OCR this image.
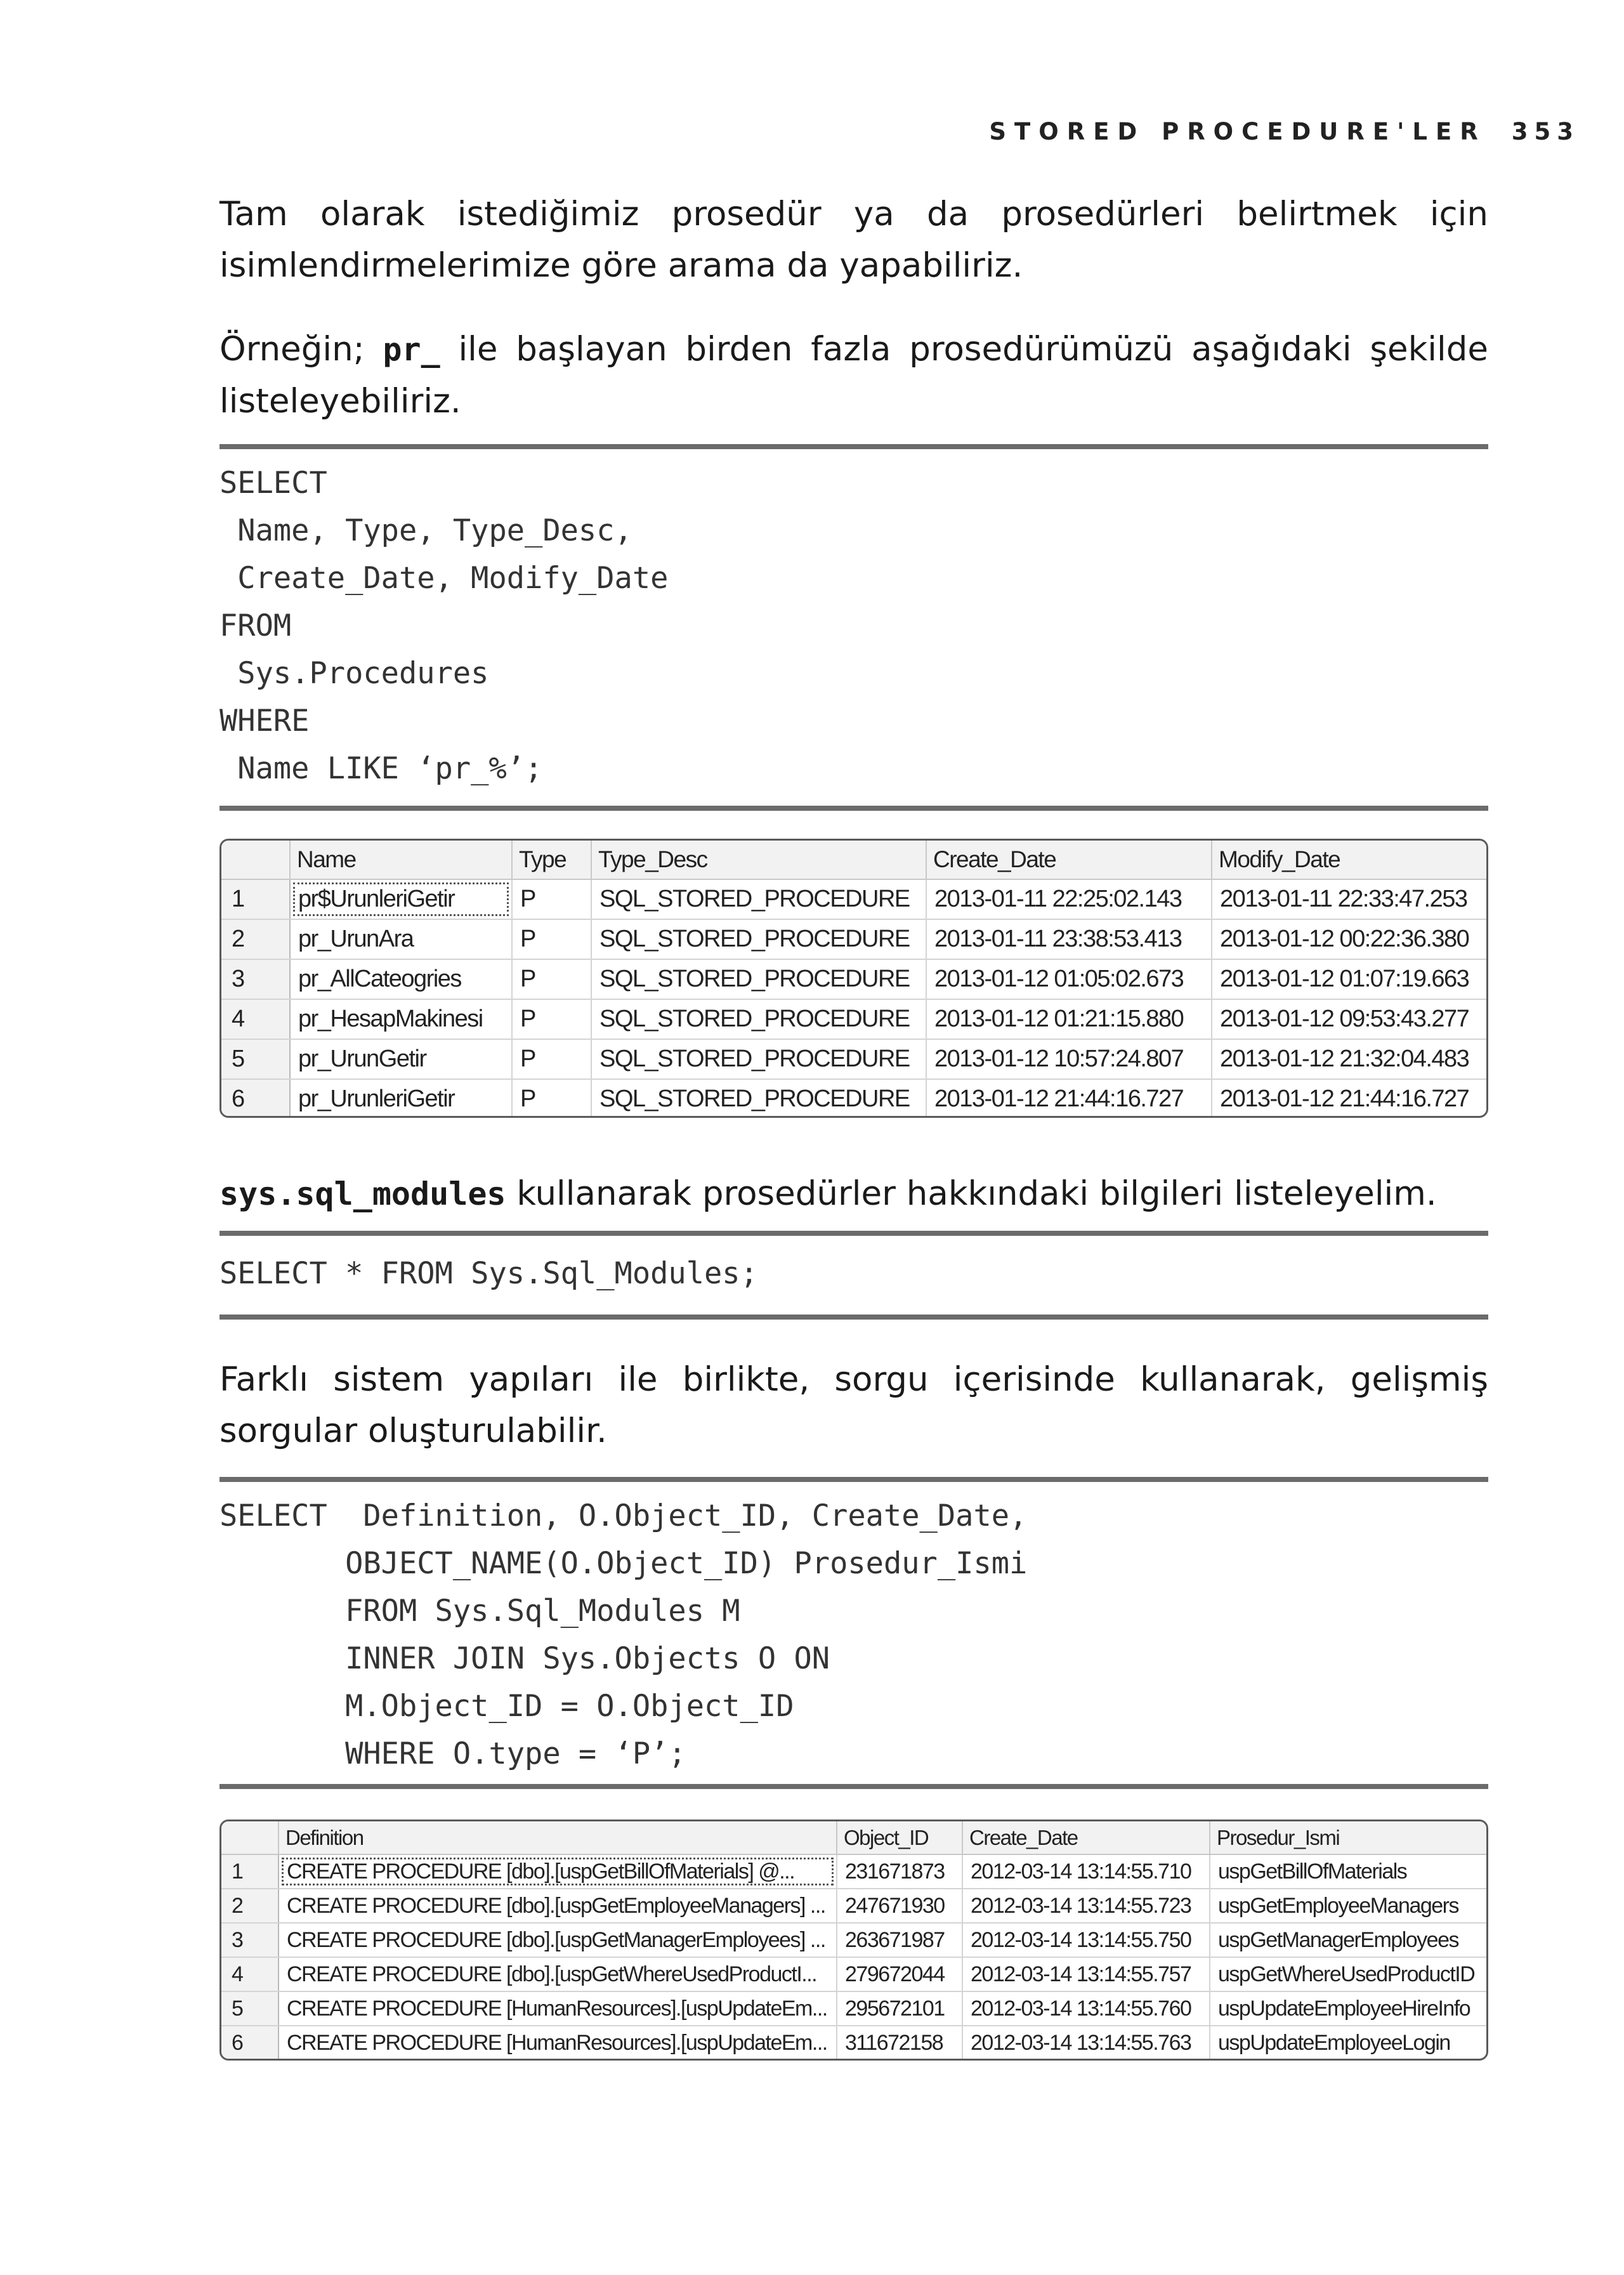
STORED PROCEDURE'LER 353

Tam olarak istediğimiz prosedür ya da prosedürleri belirtmek için isimlendirmelerimize göre arama da yapabiliriz.

Örneğin; pr_ ile başlayan birden fazla prosedürümüzü aşağıdaki şekilde listeleyebiliriz.

SELECT
Name, Type, Type_Desc,
Create_Date, Modify_Date
FROM
Sys.Procedures
WHERE
Name LIKE ‘pr_%’;
	Name	Type	Type_Desc	Create_Date	Modify_Date
1	pr$UrunleriGetir	P	SQL_STORED_PROCEDURE	2013-01-11 22:25:02.143	2013-01-11 22:33:47.253
2	pr_UrunAra	P	SQL_STORED_PROCEDURE	2013-01-11 23:38:53.413	2013-01-12 00:22:36.380
3	pr_AllCateogries	P	SQL_STORED_PROCEDURE	2013-01-12 01:05:02.673	2013-01-12 01:07:19.663
4	pr_HesapMakinesi	P	SQL_STORED_PROCEDURE	2013-01-12 01:21:15.880	2013-01-12 09:53:43.277
5	pr_UrunGetir	P	SQL_STORED_PROCEDURE	2013-01-12 10:57:24.807	2013-01-12 21:32:04.483
6	pr_UrunleriGetir	P	SQL_STORED_PROCEDURE	2013-01-12 21:44:16.727	2013-01-12 21:44:16.727

sys.sql_modules kullanarak prosedürler hakkındaki bilgileri listeleyelim.

SELECT * FROM Sys.Sql_Modules;

Farklı sistem yapıları ile birlikte, sorgu içerisinde kullanarak, gelişmiş sorgular oluşturulabilir.

SELECT  Definition, O.Object_ID, Create_Date,
OBJECT_NAME(O.Object_ID) Prosedur_Ismi
FROM Sys.Sql_Modules M
INNER JOIN Sys.Objects O ON
M.Object_ID = O.Object_ID
WHERE O.type = ‘P’;
	Definition	Object_ID	Create_Date	Prosedur_Ismi
1	CREATE PROCEDURE [dbo].[uspGetBillOfMaterials] @...	231671873	2012-03-14 13:14:55.710	uspGetBillOfMaterials
2	CREATE PROCEDURE [dbo].[uspGetEmployeeManagers] ...	247671930	2012-03-14 13:14:55.723	uspGetEmployeeManagers
3	CREATE PROCEDURE [dbo].[uspGetManagerEmployees] ...	263671987	2012-03-14 13:14:55.750	uspGetManagerEmployees
4	CREATE PROCEDURE [dbo].[uspGetWhereUsedProductI...	279672044	2012-03-14 13:14:55.757	uspGetWhereUsedProductID
5	CREATE PROCEDURE [HumanResources].[uspUpdateEm...	295672101	2012-03-14 13:14:55.760	uspUpdateEmployeeHireInfo
6	CREATE PROCEDURE [HumanResources].[uspUpdateEm...	311672158	2012-03-14 13:14:55.763	uspUpdateEmployeeLogin
